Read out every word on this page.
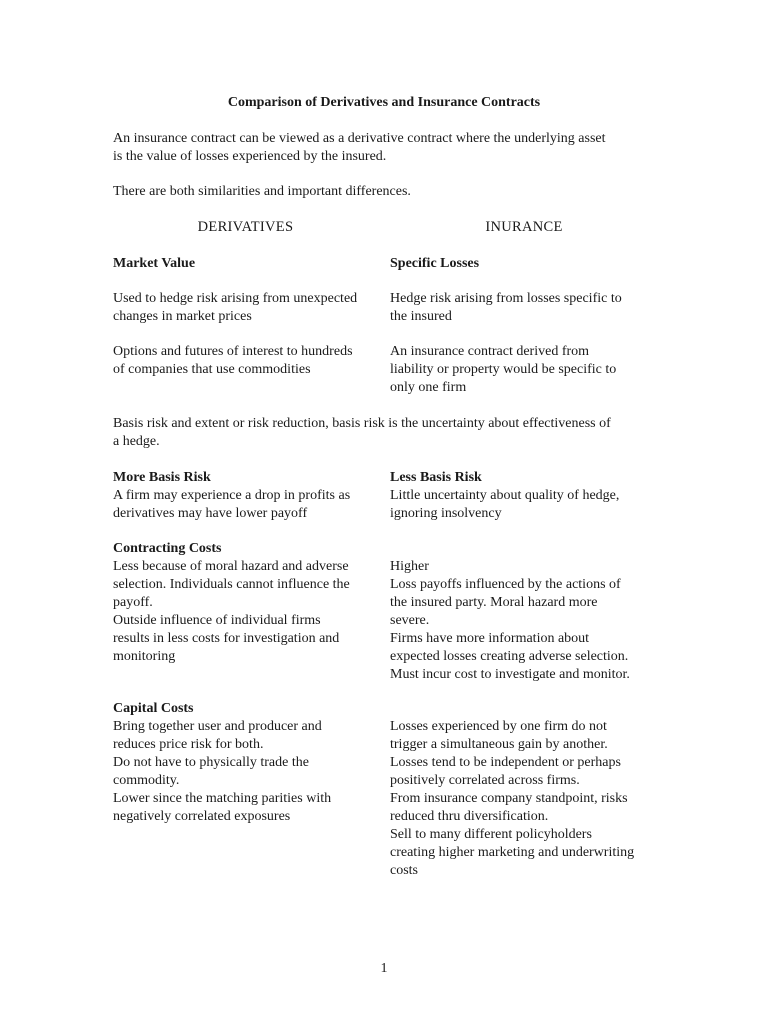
Comparison of Derivatives and Insurance Contracts

An insurance contract can be viewed as a derivative contract where the underlying asset
is the value of losses experienced by the insured.

There are both similarities and important differences.

DERIVATIVES	INURANCE

Market Value	Specific Losses

Used to hedge risk arising from unexpected
changes in market prices

Hedge risk arising from losses specific to
the insured

Options and futures of interest to hundreds
of companies that use commodities

An insurance contract derived from
liability or property would be specific to
only one firm

Basis risk and extent or risk reduction, basis risk is the uncertainty about effectiveness of
a hedge.

More Basis Risk
A firm may experience a drop in profits as
derivatives may have lower payoff

Less Basis Risk
Little uncertainty about quality of hedge,
ignoring insolvency

Contracting Costs
Less because of moral hazard and adverse
selection. Individuals cannot influence the
payoff.
Outside influence of individual firms
results in less costs for investigation and
monitoring

Higher
Loss payoffs influenced by the actions of
the insured party. Moral hazard more
severe.
Firms have more information about
expected losses creating adverse selection.
Must incur cost to investigate and monitor.

Capital Costs
Bring together user and producer and
reduces price risk for both.
Do not have to physically trade the
commodity.
Lower since the matching parities with
negatively correlated exposures

Losses experienced by one firm do not
trigger a simultaneous gain by another.
Losses tend to be independent or perhaps
positively correlated across firms.
From insurance company standpoint, risks
reduced thru diversification.
Sell to many different policyholders
creating higher marketing and underwriting
costs

1
